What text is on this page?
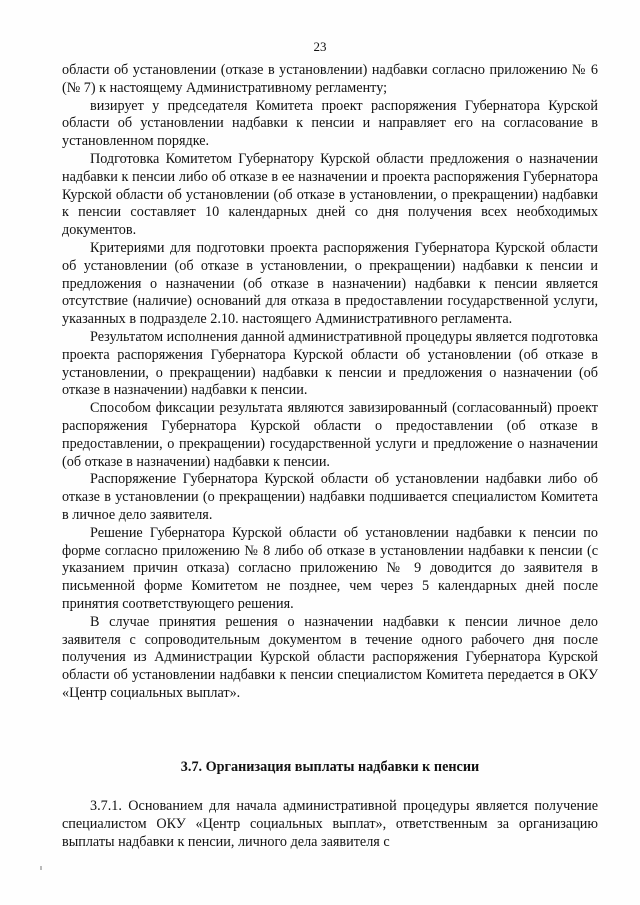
23

области об установлении (отказе в установлении) надбавки согласно приложению № 6 (№ 7) к настоящему Административному регламенту;

визирует у председателя Комитета проект распоряжения Губернатора Курской области об установлении надбавки к пенсии и направляет его на согласование в установленном порядке.

Подготовка Комитетом Губернатору Курской области предложения о назначении надбавки к пенсии либо об отказе в ее назначении и проекта распоряжения Губернатора Курской области об установлении (об отказе в установлении, о прекращении) надбавки к пенсии составляет 10 календарных дней со дня получения всех необходимых документов.

Критериями для подготовки проекта распоряжения Губернатора Курской области об установлении (об отказе в установлении, о прекращении) надбавки к пенсии и предложения о назначении (об отказе в назначении) надбавки к пенсии является отсутствие (наличие) оснований для отказа в предоставлении государственной услуги, указанных в подразделе 2.10. настоящего Административного регламента.

Результатом исполнения данной административной процедуры является подготовка проекта распоряжения Губернатора Курской области об установлении (об отказе в установлении, о прекращении) надбавки к пенсии и предложения о назначении (об отказе в назначении) надбавки к пенсии.

Способом фиксации результата являются завизированный (согласованный) проект распоряжения Губернатора Курской области о предоставлении (об отказе в предоставлении, о прекращении) государственной услуги и предложение о назначении (об отказе в назначении) надбавки к пенсии.

Распоряжение Губернатора Курской области об установлении надбавки либо об отказе в установлении (о прекращении) надбавки подшивается специалистом Комитета в личное дело заявителя.

Решение Губернатора Курской области об установлении надбавки к пенсии по форме согласно приложению № 8 либо об отказе в установлении надбавки к пенсии (с указанием причин отказа) согласно приложению № 9 доводится до заявителя в письменной форме Комитетом не позднее, чем через 5 календарных дней после принятия соответствующего решения.

В случае принятия решения о назначении надбавки к пенсии личное дело заявителя с сопроводительным документом в течение одного рабочего дня после получения из Администрации Курской области распоряжения Губернатора Курской области об установлении надбавки к пенсии специалистом Комитета передается в ОКУ «Центр социальных выплат».

3.7. Организация выплаты надбавки к пенсии

3.7.1. Основанием для начала административной процедуры является получение специалистом ОКУ «Центр социальных выплат», ответственным за организацию выплаты надбавки к пенсии, личного дела заявителя с
